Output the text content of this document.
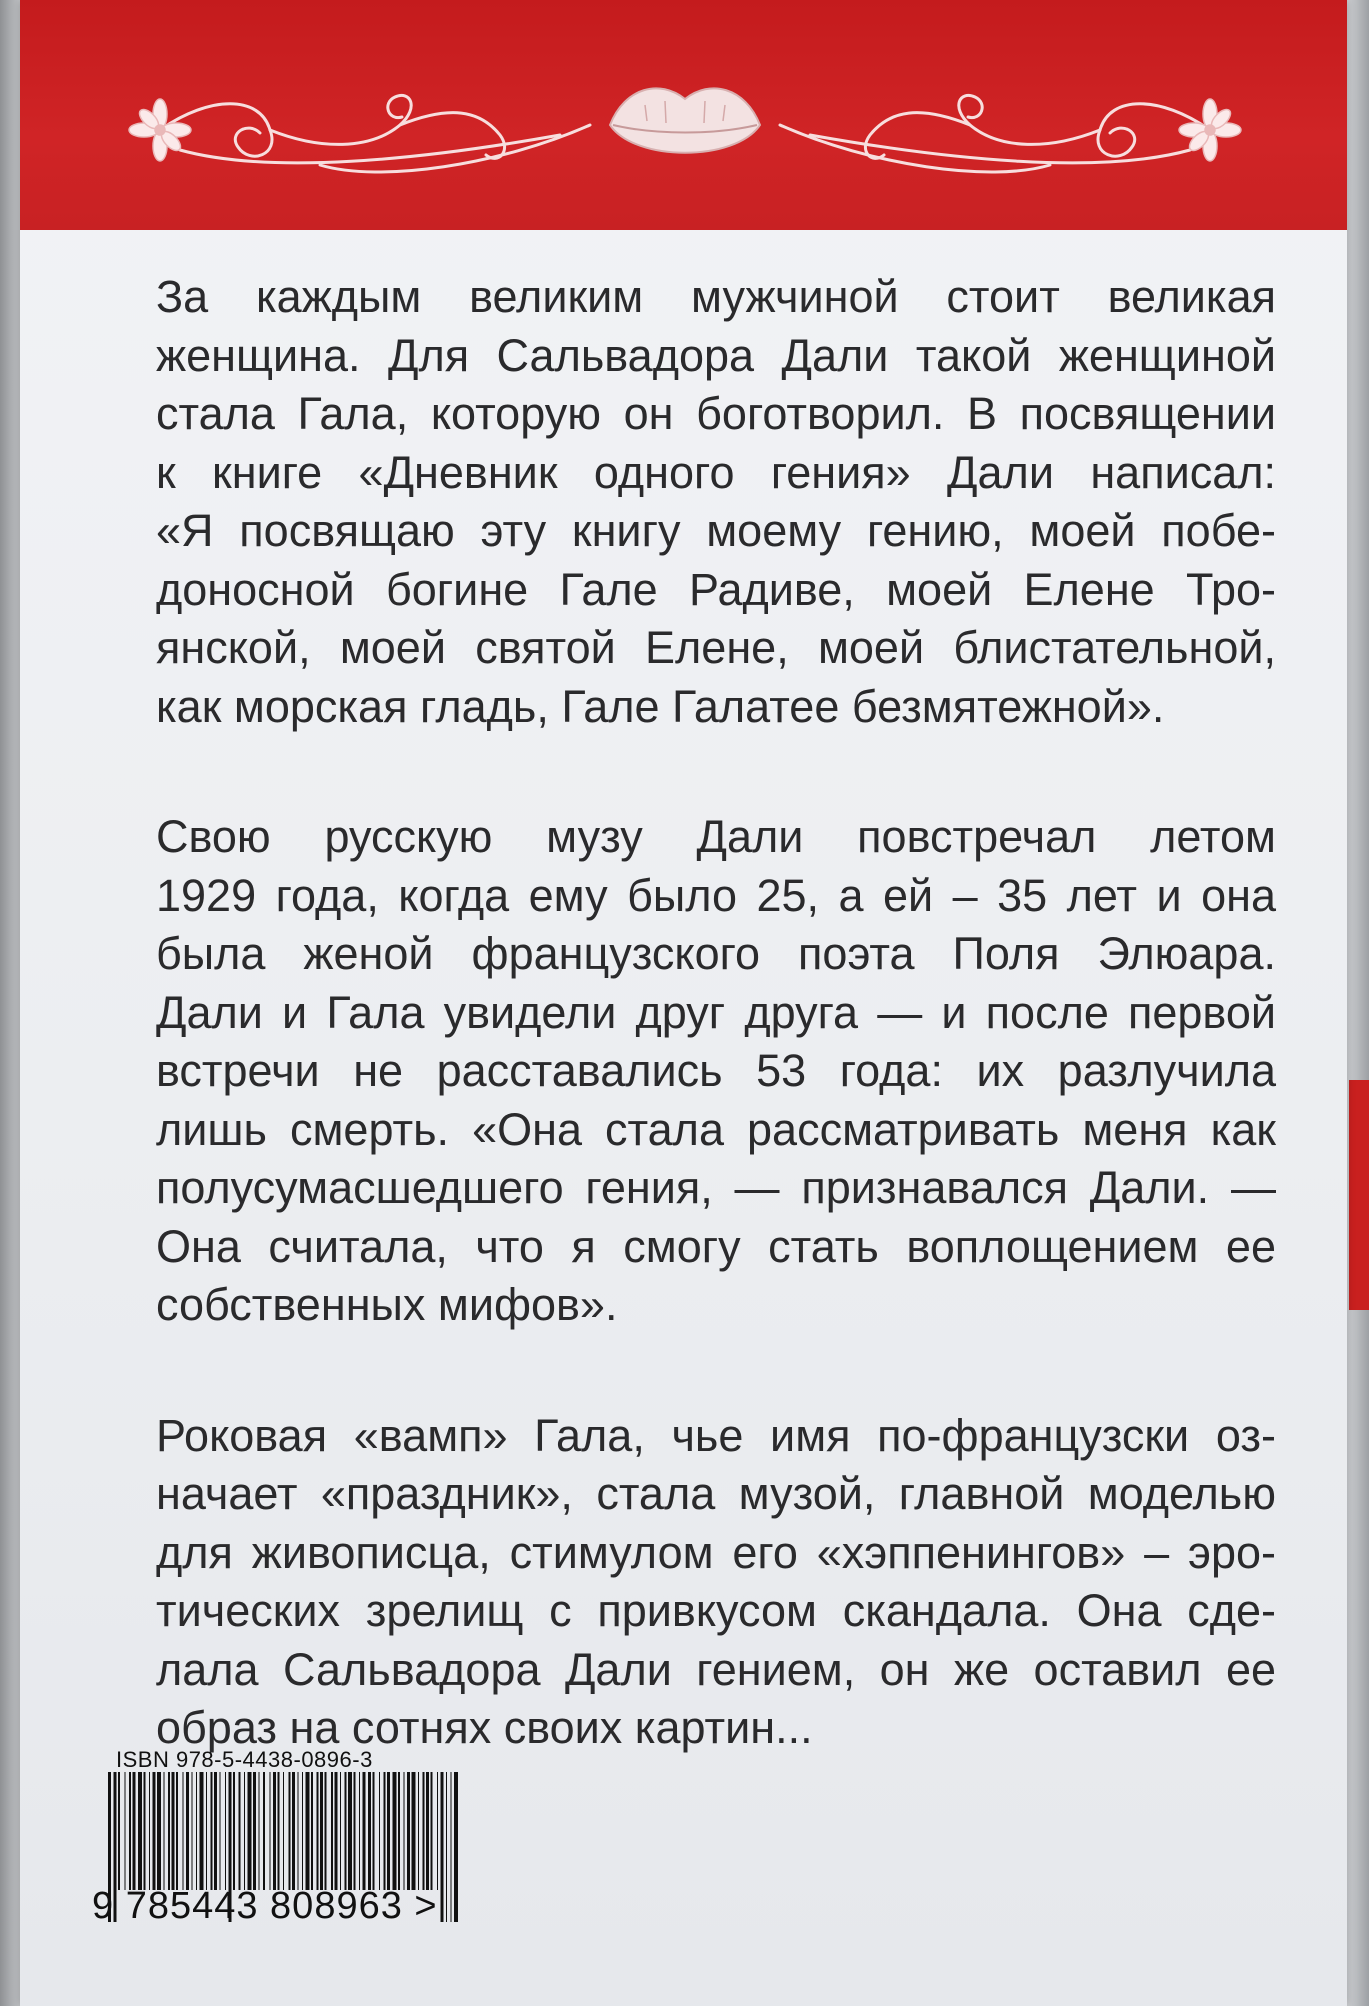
За каждым великим мужчиной стоит великая
женщина. Для Сальвадора Дали такой женщиной
стала Гала, которую он боготворил. В посвящении
к книге «Дневник одного гения» Дали написал:
«Я посвящаю эту книгу моему гению, моей побе-
доносной богине Гале Радиве, моей Елене Тро-
янской, моей святой Елене, моей блистательной,
как морская гладь, Гале Галатее безмятежной».

Свою русскую музу Дали повстречал летом
1929 года, когда ему было 25, а ей – 35 лет и она
была женой французского поэта Поля Элюара.
Дали и Гала увидели друг друга — и после первой
встречи не расставались 53 года: их разлучила
лишь смерть. «Она стала рассматривать меня как
полусумасшедшего гения, — признавался Дали. —
Она считала, что я смогу стать воплощением ее
собственных мифов».

Роковая «вамп» Гала, чье имя по-французски оз-
начает «праздник», стала музой, главной моделью
для живописца, стимулом его «хэппенингов» – эро-
тических зрелищ с привкусом скандала. Она сде-
лала Сальвадора Дали гением, он же оставил ее
образ на сотнях своих картин...

ISBN 978-5-4438-0896-3
9 785443 808963 >
